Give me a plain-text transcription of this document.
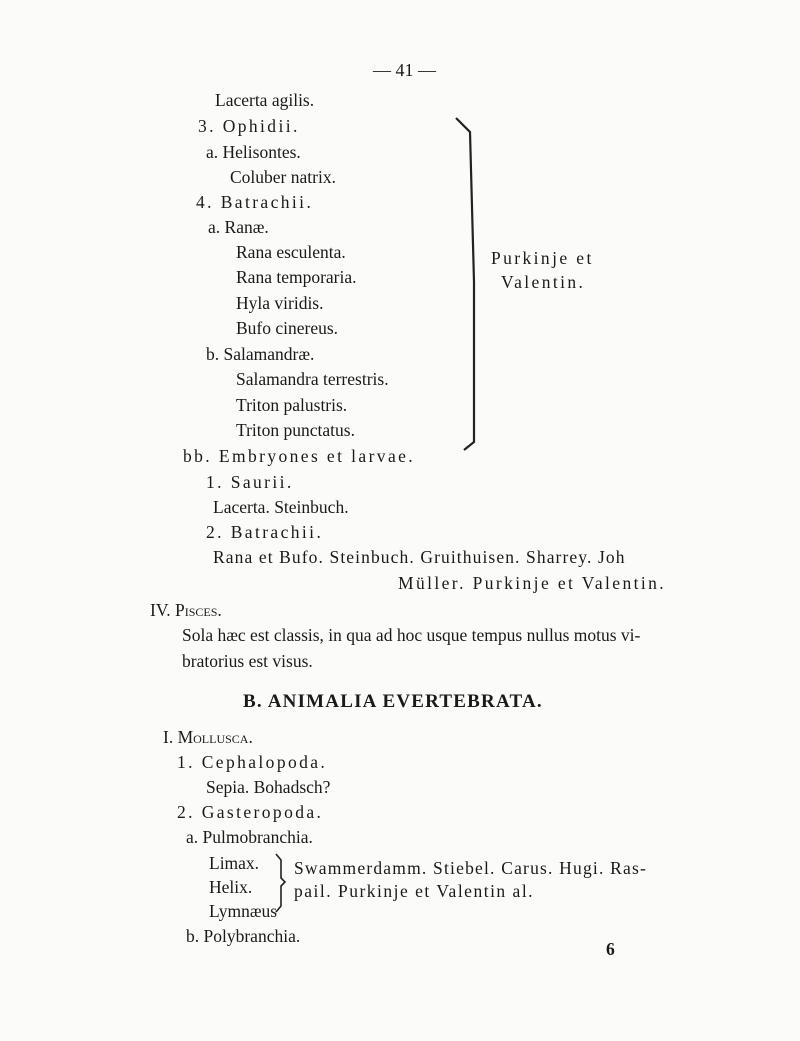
— 41 —
Lacerta agilis.
3. Ophidii.
a. Helisontes.
Coluber natrix.
4. Batrachii.
a. Ranæ.
Rana esculenta.
Rana temporaria.
Hyla viridis.
Bufo cinereus.
b. Salamandræ.
Salamandra terrestris.
Triton palustris.
Triton punctatus.
Purkinje et
Valentin.
bb. Embryones et larvae.
1. Saurii.
Lacerta. Steinbuch.
2. Batrachii.
Rana et Bufo. Steinbuch. Gruithuisen. Sharrey. Joh
Müller. Purkinje et Valentin.
IV. Pisces.
Sola hæc est classis, in qua ad hoc usque tempus nullus motus vi-
bratorius est visus.
B. ANIMALIA EVERTEBRATA.
I. Mollusca.
1. Cephalopoda.
Sepia. Bohadsch?
2. Gasteropoda.
a. Pulmobranchia.
Limax.
Helix.
Lymnæus
Swammerdamm. Stiebel. Carus. Hugi. Ras-
pail. Purkinje et Valentin al.
b. Polybranchia.
6
